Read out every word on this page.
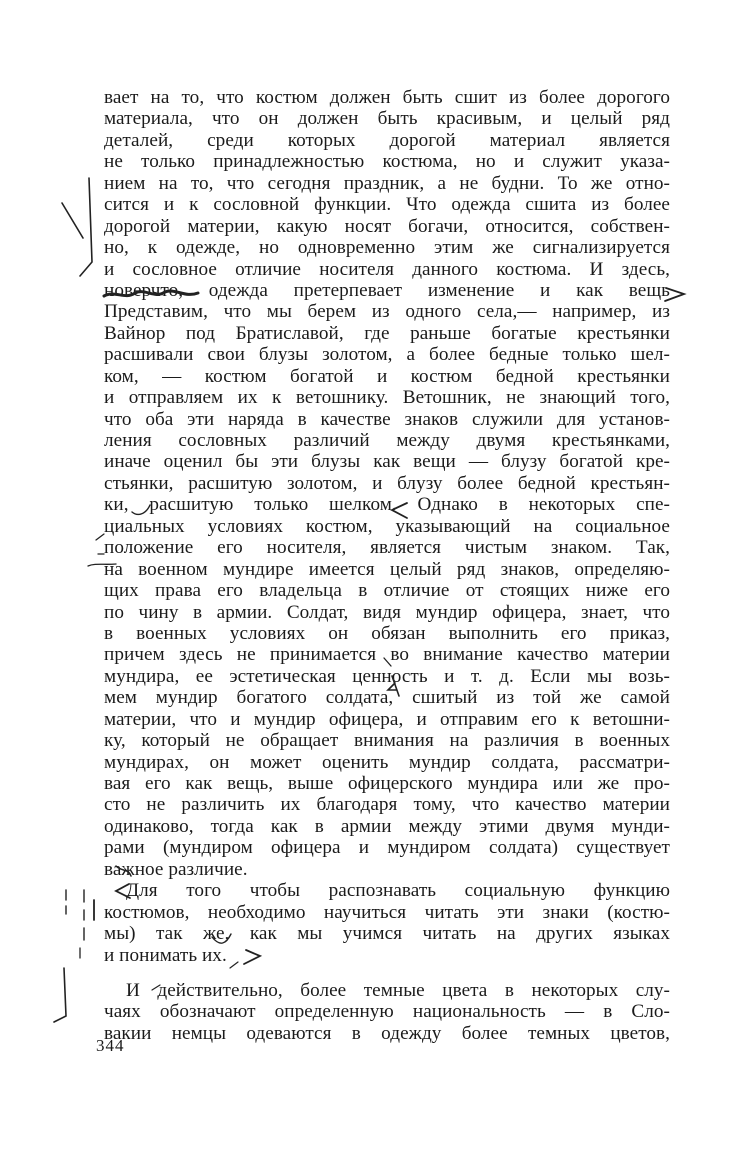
вает на то, что костюм должен быть сшит из более дорогого
материала, что он должен быть красивым, и целый ряд
деталей, среди которых дорогой материал является
не только принадлежностью костюма, но и служит указа-
нием на то, что сегодня праздник, а не будни. То же отно-
сится и к сословной функции. Что одежда сшита из более
дорогой материи, какую носят богачи, относится, собствен-
но, к одежде, но одновременно этим же сигнализируется
и сословное отличие носителя данного костюма. И здесь,
новерчто, одежда претерпевает изменение и как вещь
Представим, что мы берем из одного села,— например, из
Вайнор под Братиславой, где раньше богатые крестьянки
расшивали свои блузы золотом, а более бедные только шел-
ком, — костюм богатой и костюм бедной крестьянки
и отправляем их к ветошнику. Ветошник, не знающий того,
что оба эти наряда в качестве знаков служили для установ-
ления сословных различий между двумя крестьянками,
иначе оценил бы эти блузы как вещи — блузу богатой кре-
стьянки, расшитую золотом, и блузу более бедной крестьян-
ки, расшитую только шелком. Однако в некоторых спе-
циальных условиях костюм, указывающий на социальное
положение его носителя, является чистым знаком. Так,
на военном мундире имеется целый ряд знаков, определяю-
щих права его владельца в отличие от стоящих ниже его
по чину в армии. Солдат, видя мундир офицера, знает, что
в военных условиях он обязан выполнить его приказ,
причем здесь не принимается во внимание качество материи
мундира, ее эстетическая ценность и т. д. Если мы возь-
мем мундир богатого солдата, сшитый из той же самой
материи, что и мундир офицера, и отправим его к ветошни-
ку, который не обращает внимания на различия в военных
мундирах, он может оценить мундир солдата, рассматри-
вая его как вещь, выше офицерского мундира или же про-
сто не различить их благодаря тому, что качество материи
одинаково, тогда как в армии между этими двумя мунди-
рами (мундиром офицера и мундиром солдата) существует
важное различие.
Для того чтобы распознавать социальную функцию
костюмов, необходимо научиться читать эти знаки (костю-
мы) так же, как мы учимся читать на других языках
и понимать их.
И действительно, более темные цвета в некоторых слу-
чаях обозначают определенную национальность — в Сло-
вакии немцы одеваются в одежду более темных цветов,
344
